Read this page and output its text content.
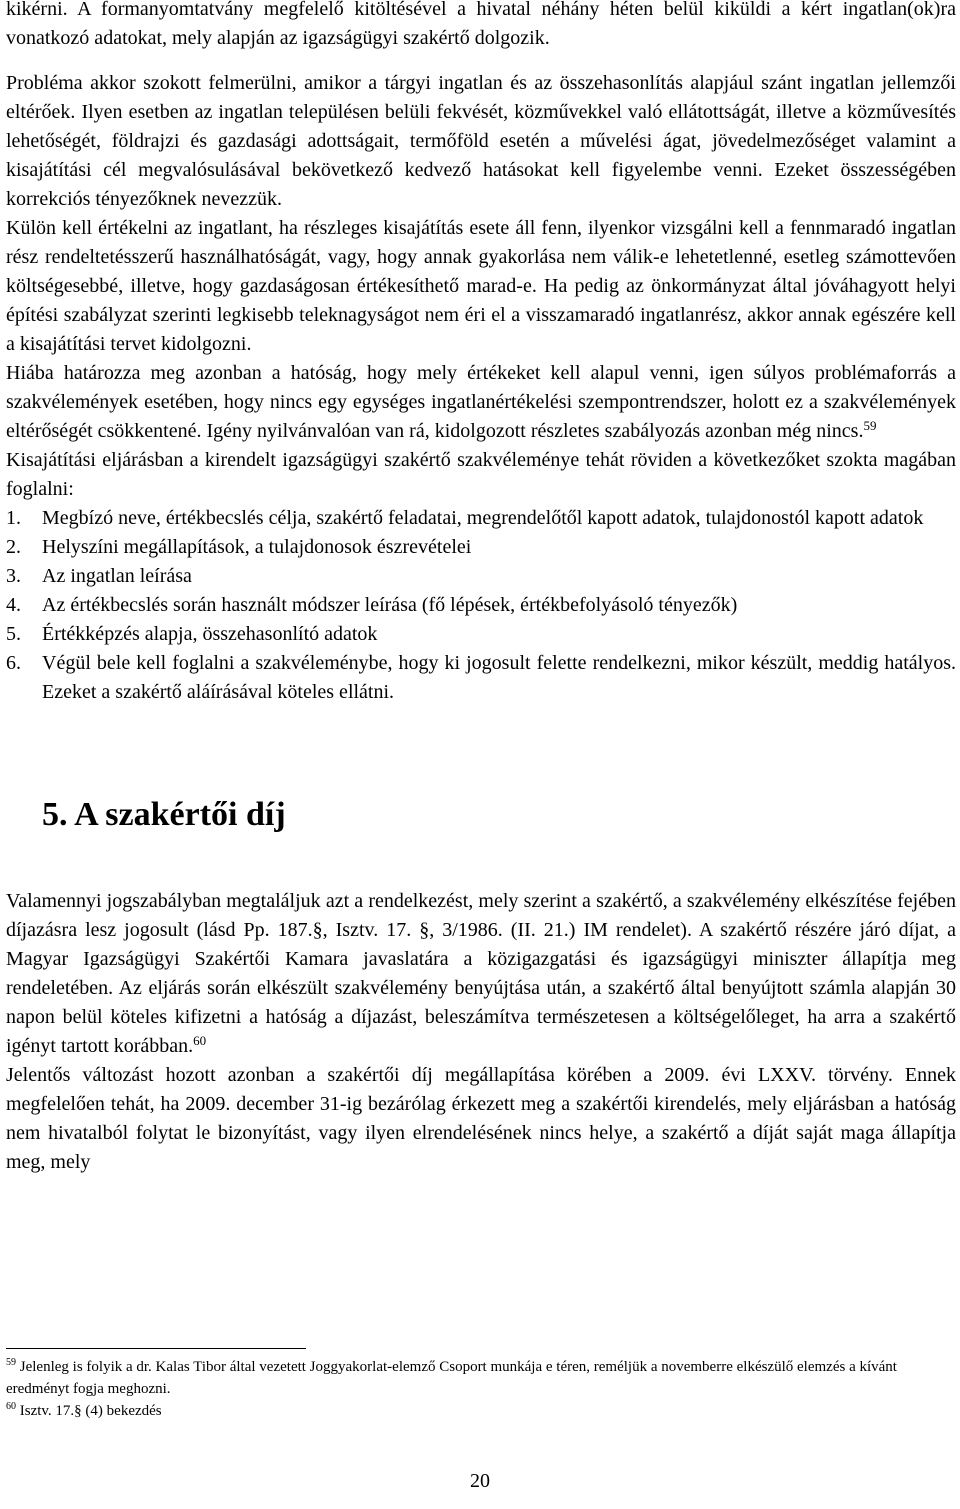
kikérni. A formanyomtatvány megfelelő kitöltésével a hivatal néhány héten belül kiküldi a kért ingatlan(ok)ra vonatkozó adatokat, mely alapján az igazságügyi szakértő dolgozik.

Probléma akkor szokott felmerülni, amikor a tárgyi ingatlan és az összehasonlítás alapjául szánt ingatlan jellemzői eltérőek. Ilyen esetben az ingatlan településen belüli fekvését, közművekkel való ellátottságát, illetve a közművesítés lehetőségét, földrajzi és gazdasági adottságait, termőföld esetén a művelési ágat, jövedelmezőséget valamint a kisajátítási cél megvalósulásával bekövetkező kedvező hatásokat kell figyelembe venni. Ezeket összességében korrekciós tényezőknek nevezzük.

Külön kell értékelni az ingatlant, ha részleges kisajátítás esete áll fenn, ilyenkor vizsgálni kell a fennmaradó ingatlan rész rendeltetésszerű használhatóságát, vagy, hogy annak gyakorlása nem válik-e lehetetlenné, esetleg számottevően költségesebbé, illetve, hogy gazdaságosan értékesíthető marad-e. Ha pedig az önkormányzat által jóváhagyott helyi építési szabályzat szerinti legkisebb teleknagyságot nem éri el a visszamaradó ingatlanrész, akkor annak egészére kell a kisajátítási tervet kidolgozni.

Hiába határozza meg azonban a hatóság, hogy mely értékeket kell alapul venni, igen súlyos problémaforrás a szakvélemények esetében, hogy nincs egy egységes ingatlanértékelési szempontrendszer, holott ez a szakvélemények eltérőségét csökkentené. Igény nyilvánvalóan van rá, kidolgozott részletes szabályozás azonban még nincs.$^{59}$

Kisajátítási eljárásban a kirendelt igazságügyi szakértő szakvéleménye tehát röviden a következőket szokta magában foglalni:

1. Megbízó neve, értékbecslés célja, szakértő feladatai, megrendelőtől kapott adatok, tulajdonostól kapott adatok
2. Helyszíni megállapítások, a tulajdonosok észrevételei
3. Az ingatlan leírása
4. Az értékbecslés során használt módszer leírása (fő lépések, értékbefolyásoló tényezők)
5. Értékképzés alapja, összehasonlító adatok
6. Végül bele kell foglalni a szakvéleménybe, hogy ki jogosult felette rendelkezni, mikor készült, meddig hatályos. Ezeket a szakértő aláírásával köteles ellátni.
5. A szakértői díj

Valamennyi jogszabályban megtaláljuk azt a rendelkezést, mely szerint a szakértő, a szakvélemény elkészítése fejében díjazásra lesz jogosult (lásd Pp. 187.§, Isztv. 17. §, 3/1986. (II. 21.) IM rendelet). A szakértő részére járó díjat, a Magyar Igazságügyi Szakértői Kamara javaslatára a közigazgatási és igazságügyi miniszter állapítja meg rendeletében. Az eljárás során elkészült szakvélemény benyújtása után, a szakértő által benyújtott számla alapján 30 napon belül köteles kifizetni a hatóság a díjazást, beleszámítva természetesen a költségelőleget, ha arra a szakértő igényt tartott korábban.$^{60}$

Jelentős változást hozott azonban a szakértői díj megállapítása körében a 2009. évi LXXV. törvény. Ennek megfelelően tehát, ha 2009. december 31-ig bezárólag érkezett meg a szakértői kirendelés, mely eljárásban a hatóság nem hivatalból folytat le bizonyítást, vagy ilyen elrendelésének nincs helye, a szakértő a díját saját maga állapítja meg, mely

$^{59}$ Jelenleg is folyik a dr. Kalas Tibor által vezetett Joggyakorlat-elemző Csoport munkája e téren, reméljük a novemberre elkészülő elemzés a kívánt eredményt fogja meghozni.

$^{60}$ Isztv. 17.§ (4) bekezdés

20
